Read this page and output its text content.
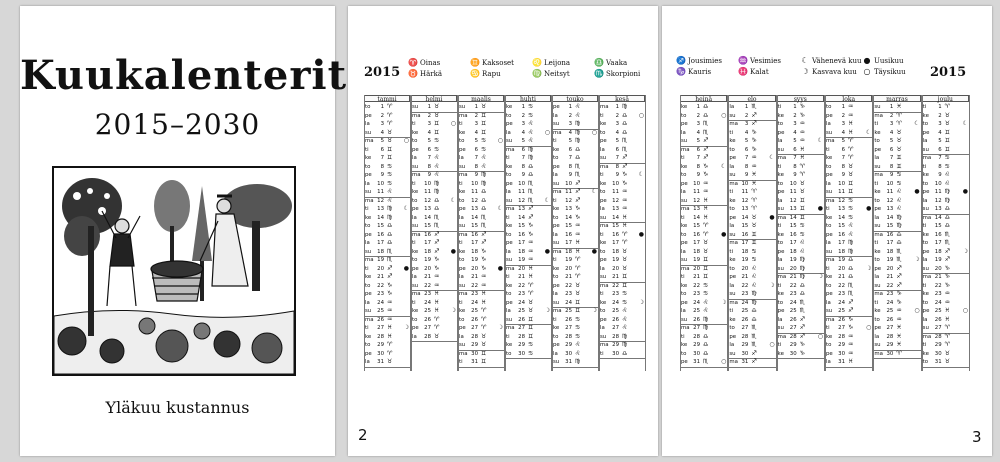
Kuukalenterit
2015–2030
Yläkuu kustannus
2015
♈ Oinas
♉ Härkä
♊ Kaksoset
♋ Rapu
♌ Leijona
♍ Neitsyt
♎ Vaaka
♏ Skorpioni
tammi
to	1 ♈
pe	2 ♈
la	3 ♈
su	4 ♉
ma	5 ♉ ○
ti	6 ♊
ke	7 ♊
to	8 ♋
pe	9 ♋
la	10 ♋
su	11 ♌
ma 12 ♌
ti	13 ♍ ☾
ke	14 ♍
to	15 ♎
pe 16 ♎
la	17 ♎
su	18 ♏
ma 19 ♏
ti	20 ♐ ●
ke	21 ♐
to	22 ♑
pe 23 ♑
la	24 ♒
su	25 ♒
ma 26 ♒
ti	27 ♓ ☽
ke	28 ♓
to	29 ♈
pe 30 ♈
la	31 ♉
helmi
su	1 ♉
ma	2 ♉
ti	3 ♊ ○
ke	4 ♊
to	5 ♋
pe	6 ♋
la	7 ♌
su	8 ♌
ma	9 ♌
ti	10 ♍
ke	11 ♍
to	12 ♎ ☾
pe 13 ♎
la	14 ♏
su	15 ♏
ma 16 ♐
ti	17 ♐
ke	18 ♐ ●
to	19 ♑
pe 20 ♑
la	21 ♒
su	22 ♒
ma 23 ♓
ti	24 ♓
ke	25 ♓ ☽
to	26 ♈
pe 27 ♈
la	28 ♉
maalis
su	1 ♉
ma	2 ♊
ti	3 ♊
ke	4 ♊
to	5 ♋ ○
pe	6 ♋
la	7 ♌
su	8 ♌
ma	9 ♍
ti	10 ♍
ke	11 ♎
to	12 ♎
pe 13 ♎ ☾
la	14 ♏
su	15 ♏
ma 16 ♐
ti	17 ♐
ke	18 ♑
to	19 ♑
pe 20 ♑ ●
la	21 ♒
su	22 ♒
ma 23 ♓
ti	24 ♓
ke	25 ♈
to	26 ♈
pe 27 ♈ ☽
la	28 ♉
su	29 ♉
ma 30 ♊
ti	31 ♊
huhti
ke	1 ♋
to	2 ♋
pe	3 ♌
la	4 ♌ ○
su	5 ♌
ma	6 ♍
ti	7 ♍
ke	8 ♎
to	9 ♎
pe 10 ♏
la	11 ♏
su	12 ♏ ☾
ma 13 ♐
ti	14 ♐
ke	15 ♑
to	16 ♑
pe 17 ♒
la	18 ♒ ●
su	19 ♒
ma 20 ♓
ti	21 ♓
ke	22 ♈
to	23 ♈
pe 24 ♉
la	25 ♉ ☽
su	26 ♊
ma 27 ♊
ti	28 ♊
ke	29 ♋
to	30 ♋
touko
pe	1 ♌
la	2 ♌
su	3 ♍
ma	4 ♍ ○
ti	5 ♍
ke	6 ♎
to	7 ♎
pe	8 ♏
la	9 ♏
su	10 ♐
ma 11 ♐ ☾
ti	12 ♐
ke	13 ♑
to	14 ♑
pe 15 ♒
la	16 ♒
su	17 ♓
ma 18 ♓ ●
ti	19 ♈
ke	20 ♈
to	21 ♈
pe 22 ♉
la	23 ♉
su	24 ♊
ma 25 ♊ ☽
ti	26 ♋
ke	27 ♋
to	28 ♋
pe 29 ♌
la	30 ♌
su	31 ♍
kesä
ma	1 ♍
ti	2 ♎ ○
ke	3 ♎
to	4 ♎
pe	5 ♏
la	6 ♏
su	7 ♐
ma	8 ♐
ti	9 ♑ ☾
ke	10 ♑
to	11 ♒
pe 12 ♒
la	13 ♒
su	14 ♓
ma 15 ♓
ti	16 ♈ ●
ke	17 ♈
to	18 ♉
pe 19 ♉
la	20 ♉
su	21 ♊
ma 22 ♊
ti	23 ♋
ke	24 ♋ ☽
to	25 ♌
pe 26 ♌
la	27 ♌
su	28 ♍
ma 29 ♍
ti	30 ♎
2
♐ Jousimies
♑ Kauris
♒ Vesimies
♓ Kalat
☾ Vähenevä kuu
☽ Kasvava kuu
● Uusikuu
○ Täysikuu 2015
heinä
ke	1 ♎
to	2 ♎ ○
pe	3 ♏
la	4 ♏
su	5 ♐
ma	6 ♐
ti	7 ♐
ke	8 ♑ ☾
to	9 ♑
pe 10 ♒
la	11 ♒
su	12 ♓
ma 13 ♓
ti	14 ♓
ke	15 ♈
to	16 ♈ ●
pe 17 ♉
la	18 ♉
su	19 ♊
ma 20 ♊
ti	21 ♊
ke	22 ♋
to	23 ♋
pe 24 ♌ ☽
la	25 ♌
su	26 ♍
ma 27 ♍
ti	28 ♎
ke	29 ♎
to	30 ♎
pe 31 ♏ ○
elo
la	1 ♏
su	2 ♐
ma	3 ♐
ti	4 ♑
ke	5 ♑
to	6 ♑
pe	7 ♒ ☾
la	8 ♒
su	9 ♓
ma 10 ♓
ti	11 ♈
ke	12 ♈
to	13 ♈
pe 14 ♉ ●
la	15 ♉
su	16 ♊
ma 17 ♊
ti	18 ♋
ke	19 ♋
to	20 ♌
pe 21 ♌
la	22 ♌ ☽
su	23 ♍
ma 24 ♍
ti	25 ♎
ke	26 ♎
to	27 ♏
pe 28 ♏
la	29 ♏ ○
su	30 ♐
ma 31 ♐
syys
ti	1 ♑
ke	2 ♑
to	3 ♒
pe	4 ♒
la	5 ♒ ☾
su	6 ♓
ma	7 ♓
ti	8 ♈
ke	9 ♈
to	10 ♉
pe 11 ♉
la	12 ♊
su	13 ♊ ●
ma 14 ♊
ti	15 ♋
ke	16 ♋
to	17 ♌
pe 18 ♌
la	19 ♍
su	20 ♍
ma 21 ♍ ☽
ti	22 ♎
ke	23 ♎
to	24 ♏
pe 25 ♏
la	26 ♐
su	27 ♐
ma 28 ♐ ○
ti	29 ♑
ke	30 ♑
loka
to	1 ♒
pe	2 ♒
la	3 ♓
su	4 ♓ ☾
ma	5 ♈
ti	6 ♈
ke	7 ♈
to	8 ♉
pe	9 ♉
la	10 ♊
su	11 ♊
ma 12 ♋
ti	13 ♋ ●
ke	14 ♋
to	15 ♌
pe 16 ♌
la	17 ♍
su	18 ♍
ma 19 ♎
ti	20 ♎ ☽
ke	21 ♎
to	22 ♏
pe 23 ♏
la	24 ♐
su	25 ♐
ma 26 ♑
ti	27 ♑ ○
ke	28 ♒
to	29 ♒
pe 30 ♒
la	31 ♓
marras
su	1 ♓
ma	2 ♈
ti	3 ♈ ☾
ke	4 ♉
to	5 ♉
pe	6 ♉
la	7 ♊
su	8 ♊
ma	9 ♋
ti	10 ♋
ke	11 ♌ ●
to	12 ♌
pe 13 ♌
la	14 ♍
su	15 ♍
ma 16 ♎
ti	17 ♎
ke	18 ♏
to	19 ♏ ☽
pe 20 ♐
la	21 ♐
su	22 ♐
ma 23 ♑
ti	24 ♑
ke	25 ♒ ○
to	26 ♒
pe 27 ♓
la	28 ♓
su	29 ♓
ma 30 ♈
joulu
ti	1 ♈
ke	2 ♉
to	3 ♉ ☾
pe	4 ♊
la	5 ♊
su	6 ♊
ma	7 ♋
ti	8 ♋
ke	9 ♌
to	10 ♌
pe 11 ♍ ●
la	12 ♍
su	13 ♎
ma 14 ♎
ti	15 ♎
ke	16 ♏
to	17 ♏
pe 18 ♐ ☽
la	19 ♐
su	20 ♑
ma 21 ♑
ti	22 ♑
ke	23 ♒
to	24 ♒
pe 25 ♓ ○
la	26 ♓
su	27 ♈
ma 28 ♈
ti	29 ♈
ke	30 ♉
to	31 ♉
3
